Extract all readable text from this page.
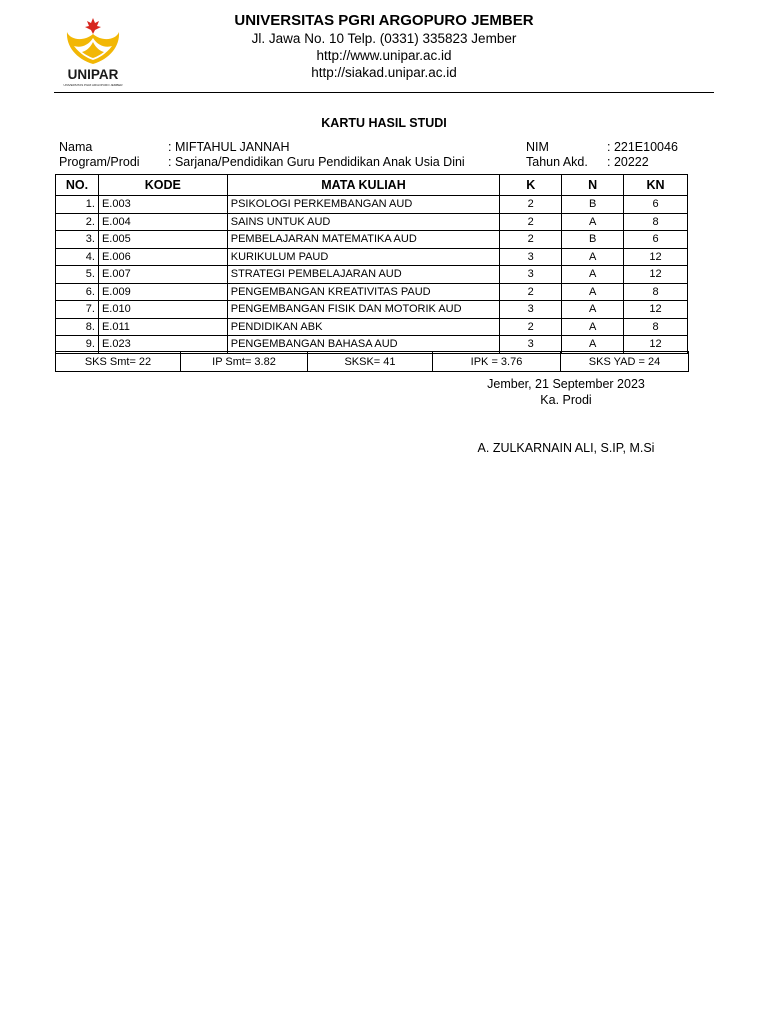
UNIPAR
UNIVERSITAS PGRI ARGOPURO JEMBER
UNIVERSITAS PGRI ARGOPURO JEMBER
Jl. Jawa No. 10 Telp. (0331) 335823 Jember
http://www.unipar.ac.id
http://siakad.unipar.ac.id
KARTU HASIL STUDI
Nama	: MIFTAHUL JANNAH
Program/Prodi : Sarjana/Pendidikan Guru Pendidikan Anak Usia Dini
NIM	: 221E10046
Tahun Akd. : 20222
NO.	KODE	MATA KULIAH	K	N	KN
1.	E.003	PSIKOLOGI PERKEMBANGAN AUD	2	B	6
2.	E.004	SAINS UNTUK AUD	2	A	8
3.	E.005	PEMBELAJARAN MATEMATIKA AUD	2	B	6
4.	E.006	KURIKULUM PAUD	3	A	12
5.	E.007	STRATEGI PEMBELAJARAN AUD	3	A	12
6.	E.009	PENGEMBANGAN KREATIVITAS PAUD	2	A	8
7.	E.010	PENGEMBANGAN FISIK DAN MOTORIK AUD	3	A	12
8.	E.011	PENDIDIKAN ABK	2	A	8
9.	E.023	PENGEMBANGAN BAHASA AUD	3	A	12
SKS Smt= 22	IP Smt= 3.82	SKSK= 41	IPK = 3.76	SKS YAD = 24
Jember, 21 September 2023
Ka. Prodi
A. ZULKARNAIN ALI, S.IP, M.Si
